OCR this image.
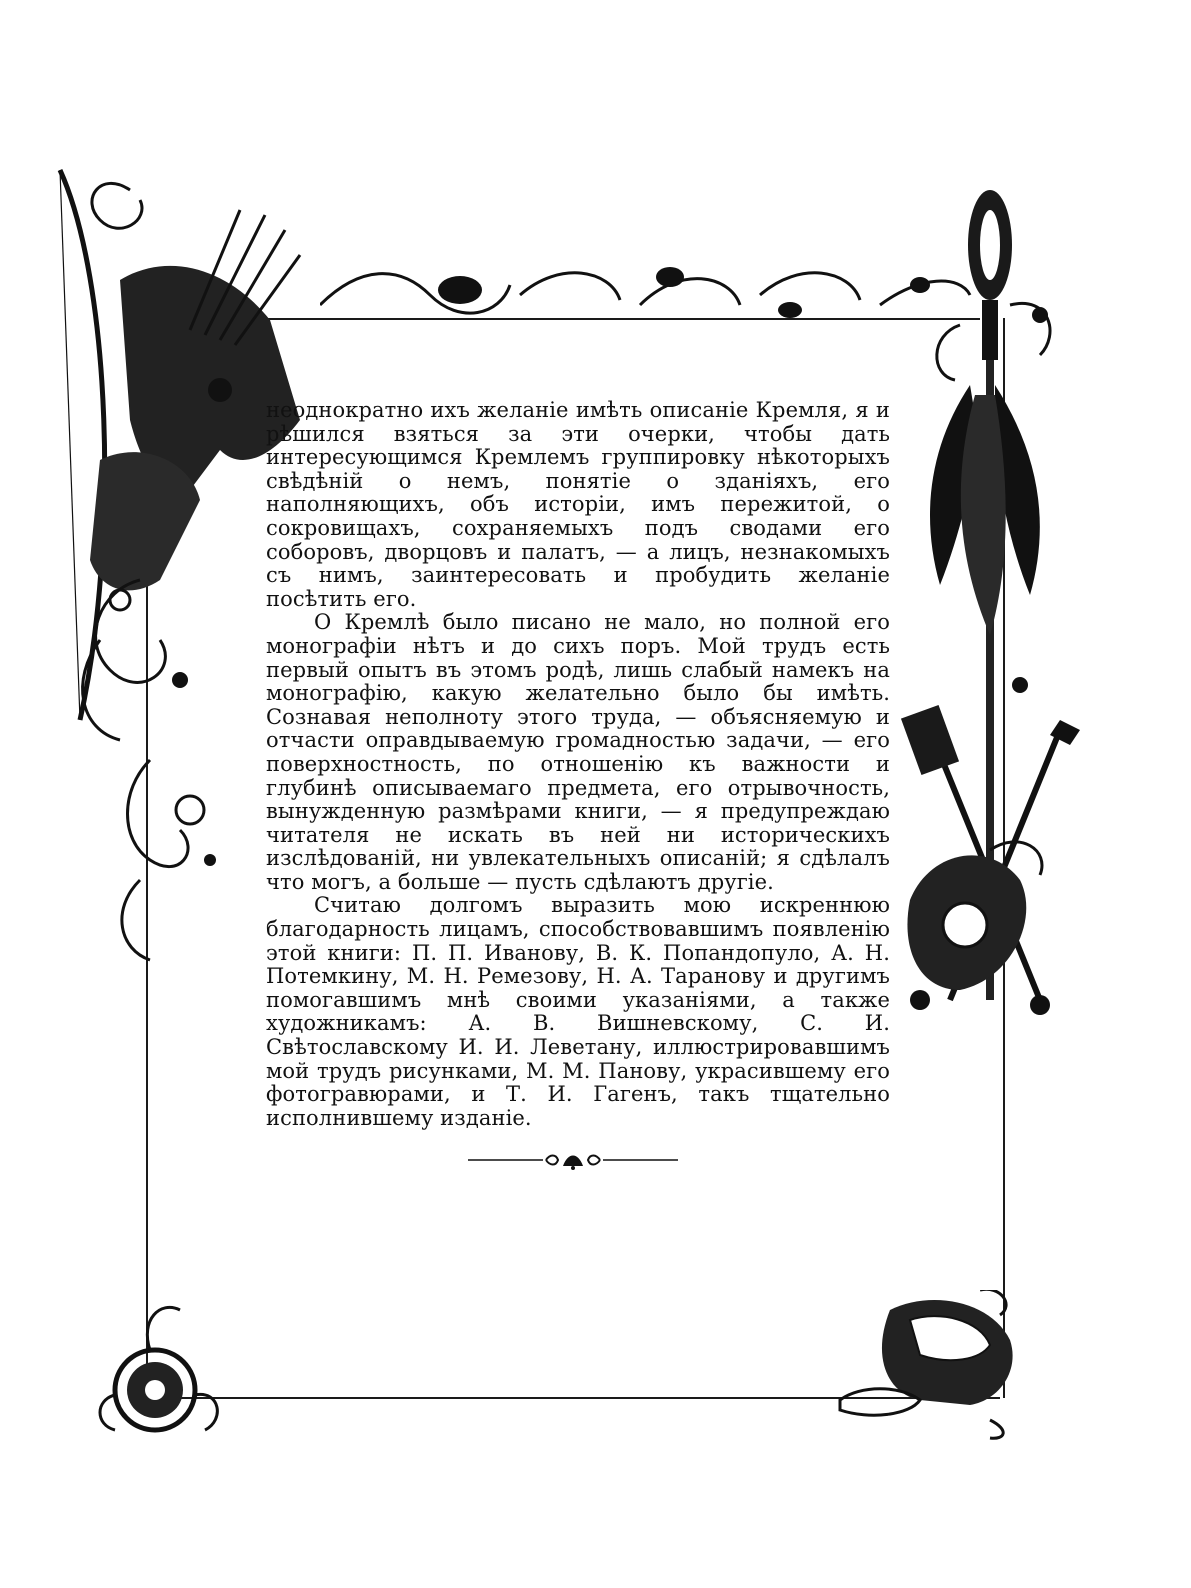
неоднократно ихъ желаніе имѣть описаніе Кремля, я и рѣшился взяться за эти очерки, чтобы дать интересующимся Кремлемъ группировку нѣкоторыхъ свѣдѣній о немъ, понятіе о зданіяхъ, его наполняющихъ, объ исторіи, имъ пережитой, о сокровищахъ, сохраняемыхъ подъ сводами его соборовъ, дворцовъ и палатъ, — а лицъ, незнакомыхъ съ нимъ, заинтересовать и пробудить желаніе посѣтить его.

О Кремлѣ было писано не мало, но полной его монографіи нѣтъ и до сихъ поръ. Мой трудъ есть первый опытъ въ этомъ родѣ, лишь слабый намекъ на монографію, какую желательно было бы имѣть. Сознавая неполноту этого труда, — объясняемую и отчасти оправдываемую громадностью задачи, — его поверхностность, по отношенію къ важности и глубинѣ описываемаго предмета, его отрывочность, вынужденную размѣрами книги, — я предупреждаю читателя не искать въ ней ни историческихъ изслѣдованій, ни увлекательныхъ описаній; я сдѣлалъ что могъ, а больше — пусть сдѣлаютъ другіе.

Считаю долгомъ выразить мою искреннюю благодарность лицамъ, способствовавшимъ появленію этой книги: П. П. Иванову, В. К. Попандопуло, А. Н. Потемкину, М. Н. Ремезову, Н. А. Таранову и другимъ помогавшимъ мнѣ своими указаніями, а также художникамъ: А. В. Вишневскому, С. И. Свѣтославскому И. И. Леветану, иллюстрировавшимъ мой трудъ рисунками, М. М. Панову, украсившему его фотогравюрами, и Т. И. Гагенъ, такъ тщательно исполнившему изданіе.
